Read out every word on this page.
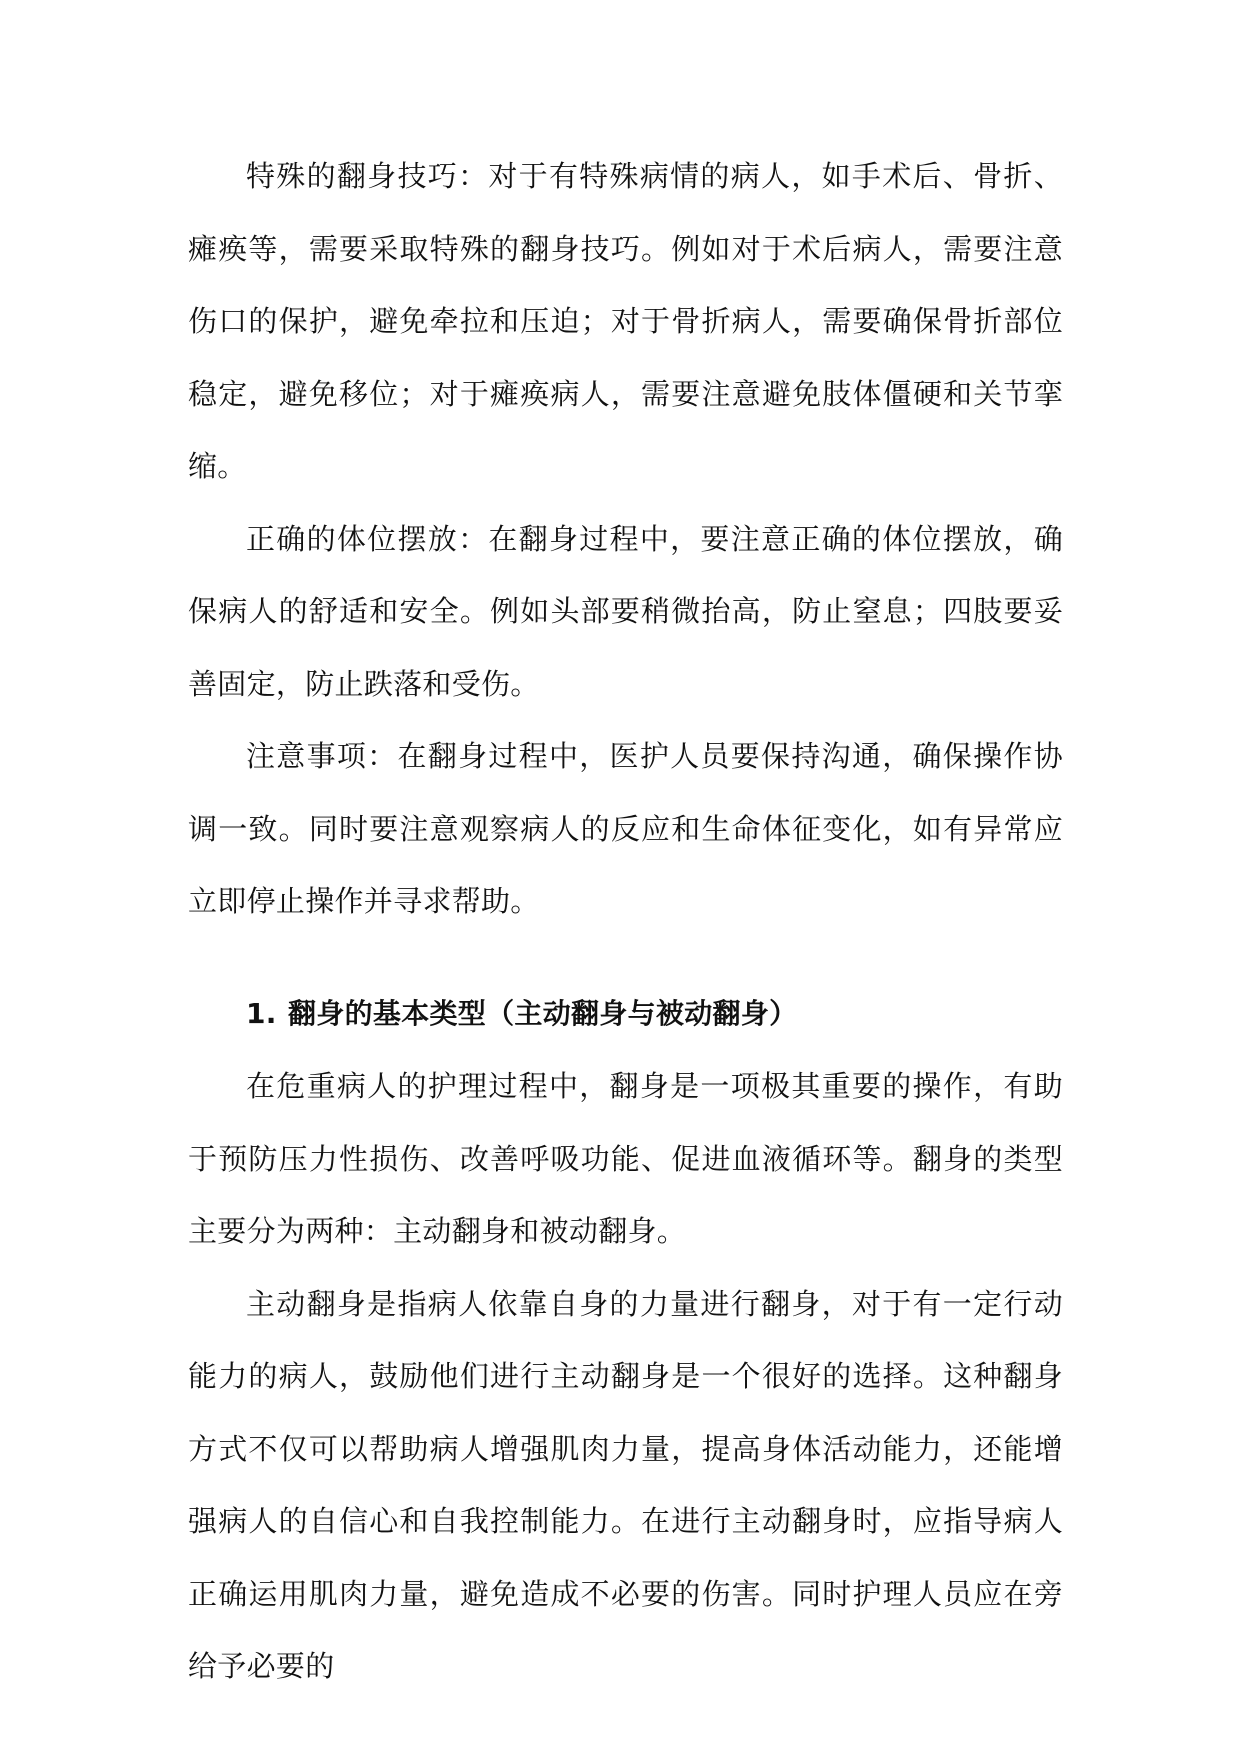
特殊的翻身技巧：对于有特殊病情的病人，如手术后、骨折、瘫痪等，需要采取特殊的翻身技巧。例如对于术后病人，需要注意伤口的保护，避免牵拉和压迫；对于骨折病人，需要确保骨折部位稳定，避免移位；对于瘫痪病人，需要注意避免肢体僵硬和关节挛缩。

正确的体位摆放：在翻身过程中，要注意正确的体位摆放，确保病人的舒适和安全。例如头部要稍微抬高，防止窒息；四肢要妥善固定，防止跌落和受伤。

注意事项：在翻身过程中，医护人员要保持沟通，确保操作协调一致。同时要注意观察病人的反应和生命体征变化，如有异常应立即停止操作并寻求帮助。

1. 翻身的基本类型（主动翻身与被动翻身）

在危重病人的护理过程中，翻身是一项极其重要的操作，有助于预防压力性损伤、改善呼吸功能、促进血液循环等。翻身的类型主要分为两种：主动翻身和被动翻身。

主动翻身是指病人依靠自身的力量进行翻身，对于有一定行动能力的病人，鼓励他们进行主动翻身是一个很好的选择。这种翻身方式不仅可以帮助病人增强肌肉力量，提高身体活动能力，还能增强病人的自信心和自我控制能力。在进行主动翻身时，应指导病人正确运用肌肉力量，避免造成不必要的伤害。同时护理人员应在旁给予必要的
